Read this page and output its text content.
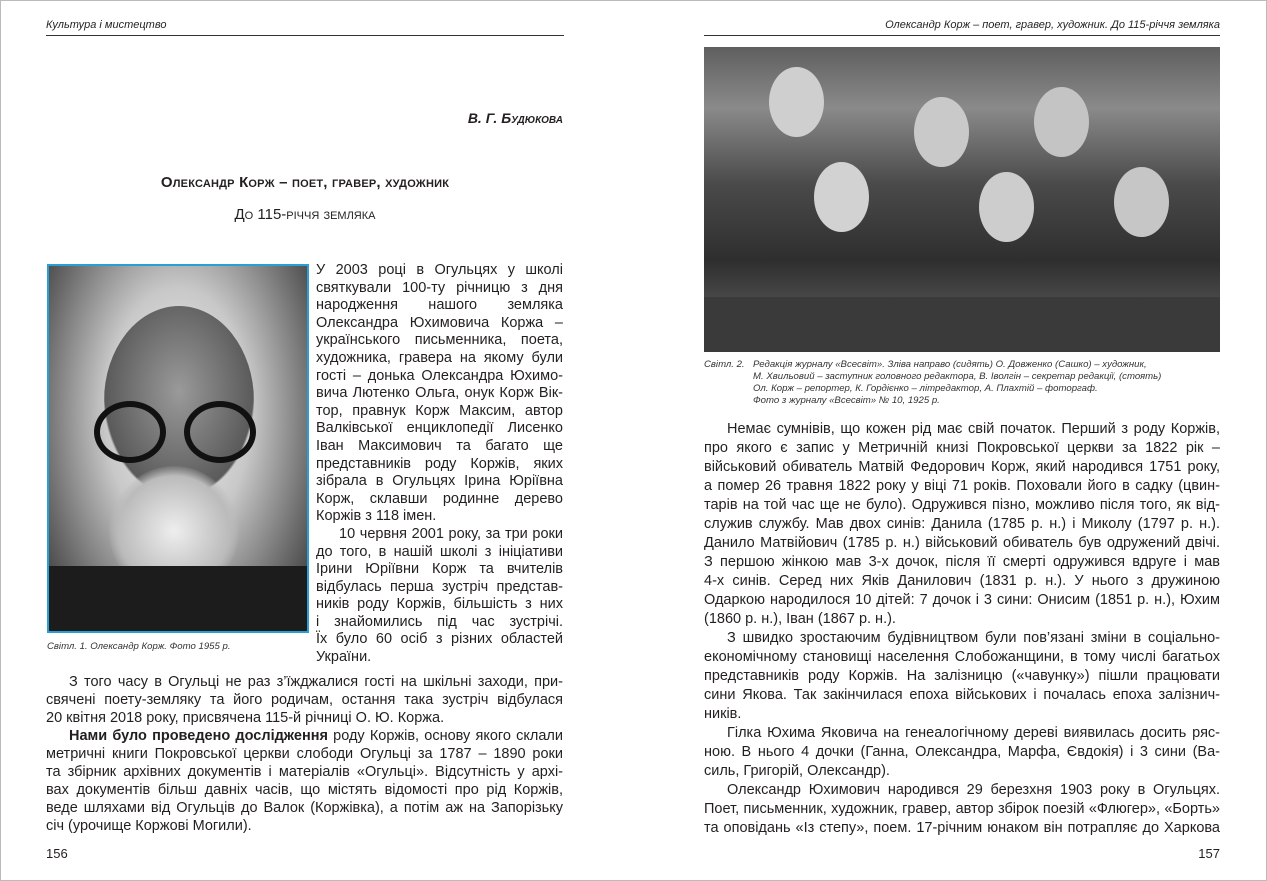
Культура і мистецтво	Олександр Корж – поет, гравер, художник. До 115-річчя земляка
В. Г. Будюкова
Олександр Корж – поет, гравер, художник
До 115-річчя земляка
Світл. 1. Олександр Корж. Фото 1955 р.
У 2003 році в Огульцях у школі
святкували 100-ту річницю з дня
народження нашого земляка
Олександра Юхимовича Коржа –
українського письменника, поета,
художника, гравера на якому були
гості – донька Олександра Юхимо-
вича Лютенко Ольга, онук Корж Вік-
тор, правнук Корж Максим, автор
Валківської енциклопедії Лисенко
Іван Максимович та багато ще
представників роду Коржів, яких
зібрала в Огульцях Ірина Юріївна
Корж, склавши родинне дерево
Коржів з 118 імен.
10 червня 2001 року, за три роки
до того, в нашій школі з ініціативи
Ірини Юріївни Корж та вчителів
відбулась перша зустріч представ-
ників роду Коржів, більшість з них
і знайомились під час зустрічі.
Їх було 60 осіб з різних областей
України.
З того часу в Огульці не раз з’їжджалися гості на шкільні заходи, при-
свячені поету-земляку та його родичам, остання така зустріч відбулася
20 квітня 2018 року, присвячена 115-й річниці О. Ю. Коржа.
Нами було проведено дослідження роду Коржів, основу якого склали
метричні книги Покровської церкви слободи Огульці за 1787 – 1890 роки
та збірник архівних документів і матеріалів «Огульці». Відсутність у архі-
вах документів більш давніх часів, що містять відомості про рід Коржів,
веде шляхами від Огульців до Валок (Коржівка), а потім аж на Запорізьку
січ (урочище Коржові Могили).
Світл. 2. Редакція журналу «Всесвіт». Зліва направо (сидять) О. Довженко (Сашко) – художник,
М. Хвильовий – заступник головного редактора, В. Іволгін – секретар редакції, (стоять)
Ол. Корж – репортер, К. Гордієнко – літредактор, А. Плахтій – фоторгаф.
Фото з журналу «Всесвіт» № 10, 1925 р.
Немає сумнівів, що кожен рід має свій початок. Перший з роду Коржів,
про якого є запис у Метричній книзі Покровської церкви за 1822 рік –
військовий обиватель Матвій Федорович Корж, який народився 1751 року,
а помер 26 травня 1822 року у віці 71 років. Поховали його в садку (цвин-
тарів на той час ще не було). Одружився пізно, можливо після того, як від-
служив службу. Мав двох синів: Данила (1785 р. н.) і Миколу (1797 р. н.).
Данило Матвійович (1785 р. н.) військовий обиватель був одружений двічі.
З першою жінкою мав 3-х дочок, після її смерті одружився вдруге і мав
4-х синів. Серед них Яків Данилович (1831 р. н.). У нього з дружиною
Одаркою народилося 10 дітей: 7 дочок і 3 сини: Онисим (1851 р. н.), Юхим
(1860 р. н.), Іван (1867 р. н.).
З швидко зростаючим будівництвом були пов’язані зміни в соціально-
економічному становищі населення Слобожанщини, в тому числі багатьох
представників роду Коржів. На залізницю («чавунку») пішли працювати
сини Якова. Так закінчилася епоха військових і почалась епоха залізнич-
ників.
Гілка Юхима Яковича на генеалогічному дереві виявилась досить ряс-
ною. В нього 4 дочки (Ганна, Олександра, Марфа, Євдокія) і 3 сини (Ва-
силь, Григорій, Олександр).
Олександр Юхимович народився 29 березхня 1903 року в Огульцях.
Поет, письменник, художник, гравер, автор збірок поезій «Флюгер», «Борть»
та оповідань «Із степу», поем. 17-річним юнаком він потрапляє до Харкова
156	157
